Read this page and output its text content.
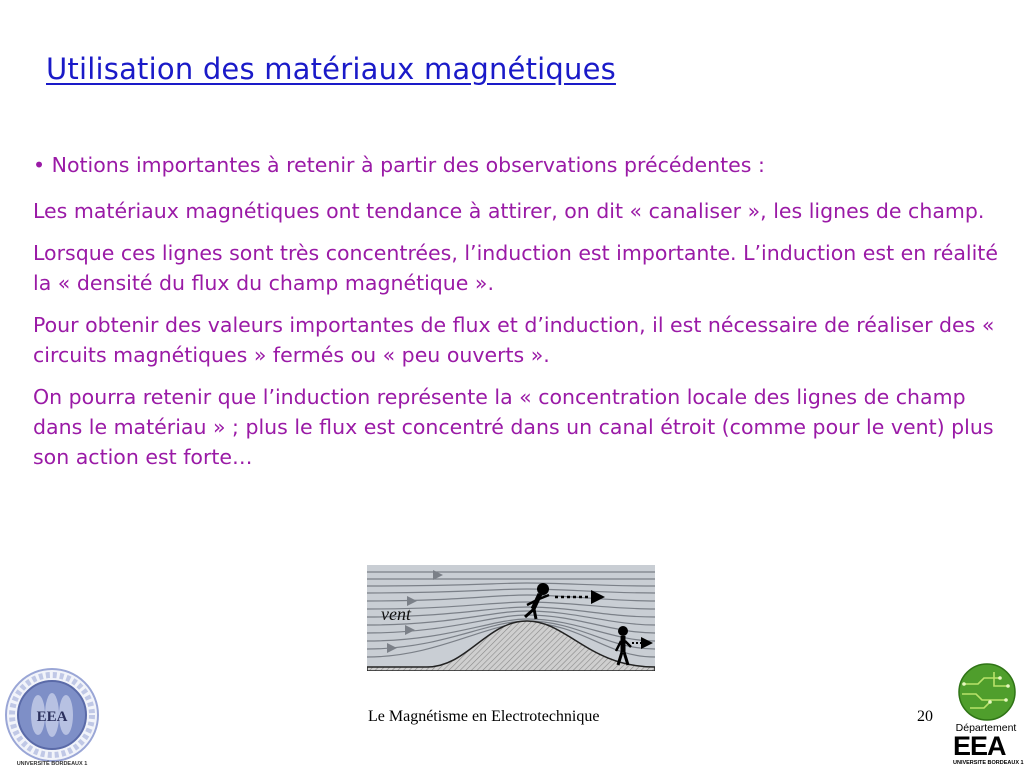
Utilisation des matériaux magnétiques

• Notions importantes à retenir à partir des observations précédentes :

Les matériaux magnétiques ont tendance à attirer, on dit « canaliser », les lignes de champ.

Lorsque ces lignes sont très concentrées, l’induction est importante. L’induction est en réalité la « densité du flux du champ magnétique ».

Pour obtenir des valeurs importantes de flux et d’induction, il est nécessaire de réaliser des « circuits magnétiques » fermés ou « peu ouverts ».

On pourra retenir que l’induction représente la « concentration locale des lignes de champ dans le matériau » ; plus le flux est concentré dans un canal étroit (comme pour le vent) plus son action est forte…

vent
EEA
UNIVERSITÉ BORDEAUX 1
Le Magnétisme en Electrotechnique	20
Département
EEA
UNIVERSITE BORDEAUX 1
